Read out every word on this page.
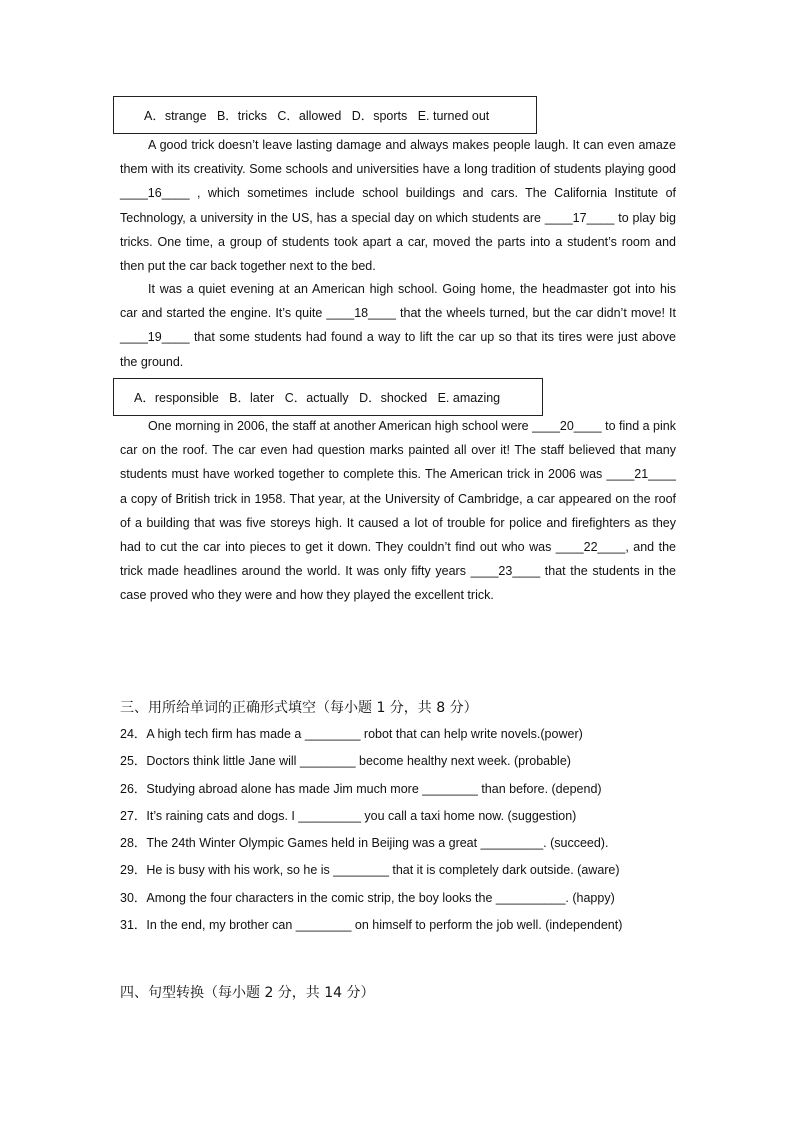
A．strange   B．tricks   C．allowed   D．sports   E. turned out

A good trick doesn’t leave lasting damage and always makes people laugh. It can even amaze them with its creativity. Some schools and universities have a long tradition of students playing good ____16____ , which sometimes include school buildings and cars. The California Institute of Technology, a university in the US, has a special day on which students are ____17____ to play big tricks. One time, a group of students took apart a car, moved the parts into a student’s room and then put the car back together next to the bed.

It was a quiet evening at an American high school. Going home, the headmaster got into his car and started the engine. It’s quite ____18____ that the wheels turned, but the car didn’t move! It ____19____ that some students had found a way to lift the car up so that its tires were just above the ground.

A．responsible   B．later   C．actually   D．shocked   E. amazing

One morning in 2006, the staff at another American high school were ____20____ to find a pink car on the roof. The car even had question marks painted all over it! The staff believed that many students must have worked together to complete this. The American trick in 2006 was ____21____ a copy of British trick in 1958. That year, at the University of Cambridge, a car appeared on the roof of a building that was five storeys high. It caused a lot of trouble for police and firefighters as they had to cut the car into pieces to get it down. They couldn’t find out who was ____22____, and the trick made headlines around the world. It was only fifty years ____23____ that the students in the case proved who they were and how they played the excellent trick.

三、用所给单词的正确形式填空（每小题 1 分，共 8 分）
24．A high tech firm has made a ________ robot that can help write novels.(power)
25．Doctors think little Jane will ________ become healthy next week. (probable)
26．Studying abroad alone has made Jim much more ________ than before. (depend)
27．It’s raining cats and dogs. I _________ you call a taxi home now. (suggestion)
28．The 24th Winter Olympic Games held in Beijing was a great _________. (succeed).
29．He is busy with his work, so he is ________ that it is completely dark outside. (aware)
30．Among the four characters in the comic strip, the boy looks the __________. (happy)
31．In the end, my brother can ________ on himself to perform the job well. (independent)
四、句型转换（每小题 2 分，共 14 分）
